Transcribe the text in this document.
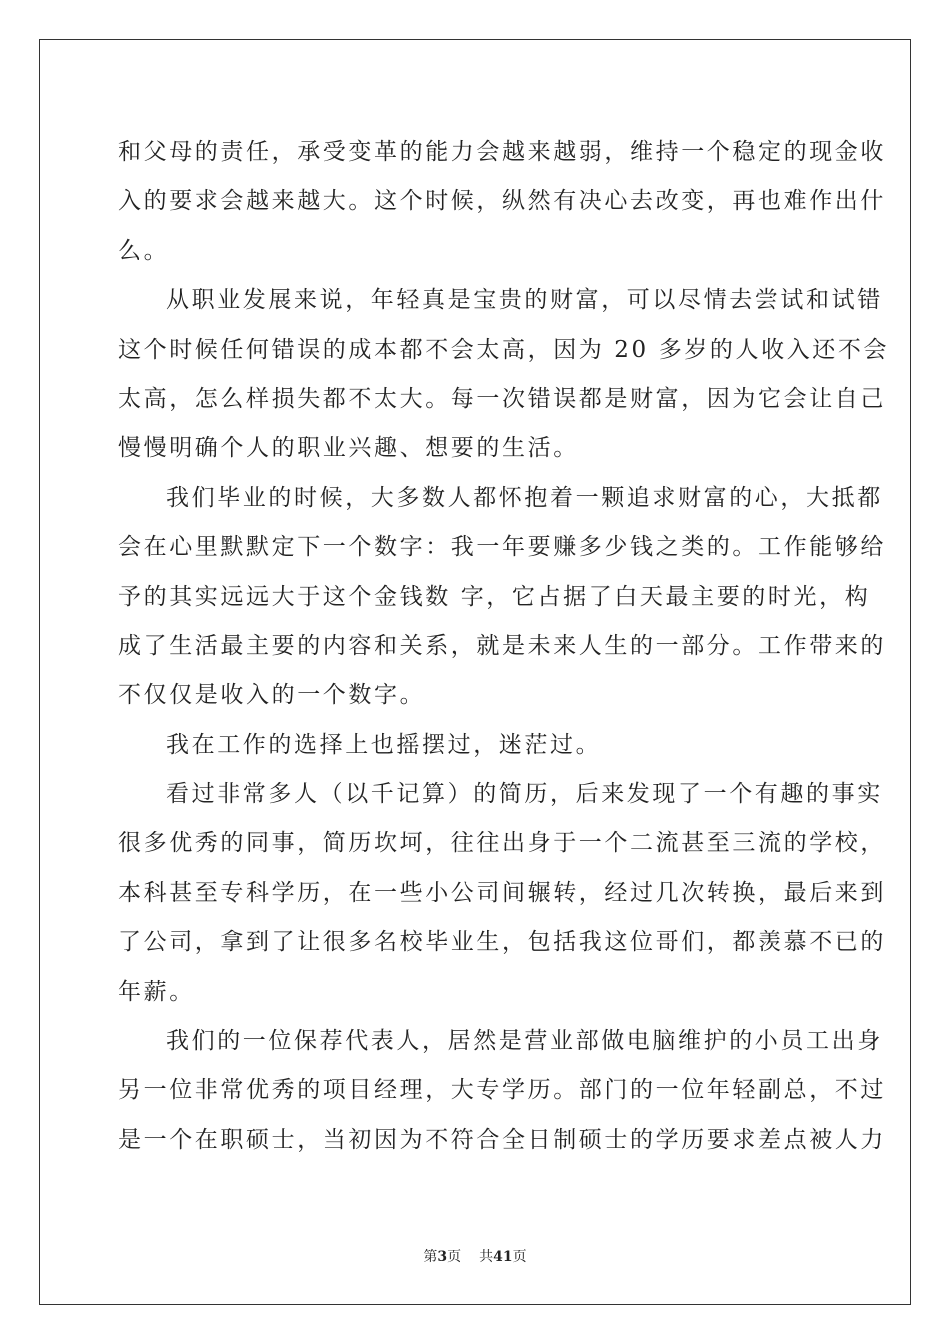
和父母的责任，承受变革的能力会越来越弱，维持一个稳定的现金收
入的要求会越来越大。这个时候，纵然有决心去改变，再也难作出什
么。
从职业发展来说，年轻真是宝贵的财富，可以尽情去尝试和试错
这个时候任何错误的成本都不会太高，因为 20 多岁的人收入还不会
太高，怎么样损失都不太大。每一次错误都是财富，因为它会让自己
慢慢明确个人的职业兴趣、想要的生活。
我们毕业的时候，大多数人都怀抱着一颗追求财富的心，大抵都
会在心里默默定下一个数字：我一年要赚多少钱之类的。工作能够给
予的其实远远大于这个金钱数 字，它占据了白天最主要的时光，构
成了生活最主要的内容和关系，就是未来人生的一部分。工作带来的
不仅仅是收入的一个数字。
我在工作的选择上也摇摆过，迷茫过。
看过非常多人（以千记算）的简历，后来发现了一个有趣的事实
很多优秀的同事，简历坎坷，往往出身于一个二流甚至三流的学校，
本科甚至专科学历，在一些小公司间辗转，经过几次转换，最后来到
了公司，拿到了让很多名校毕业生，包括我这位哥们，都羡慕不已的
年薪。
我们的一位保荐代表人，居然是营业部做电脑维护的小员工出身
另一位非常优秀的项目经理，大专学历。部门的一位年轻副总，不过
是一个在职硕士，当初因为不符合全日制硕士的学历要求差点被人力
第3页 共41页
